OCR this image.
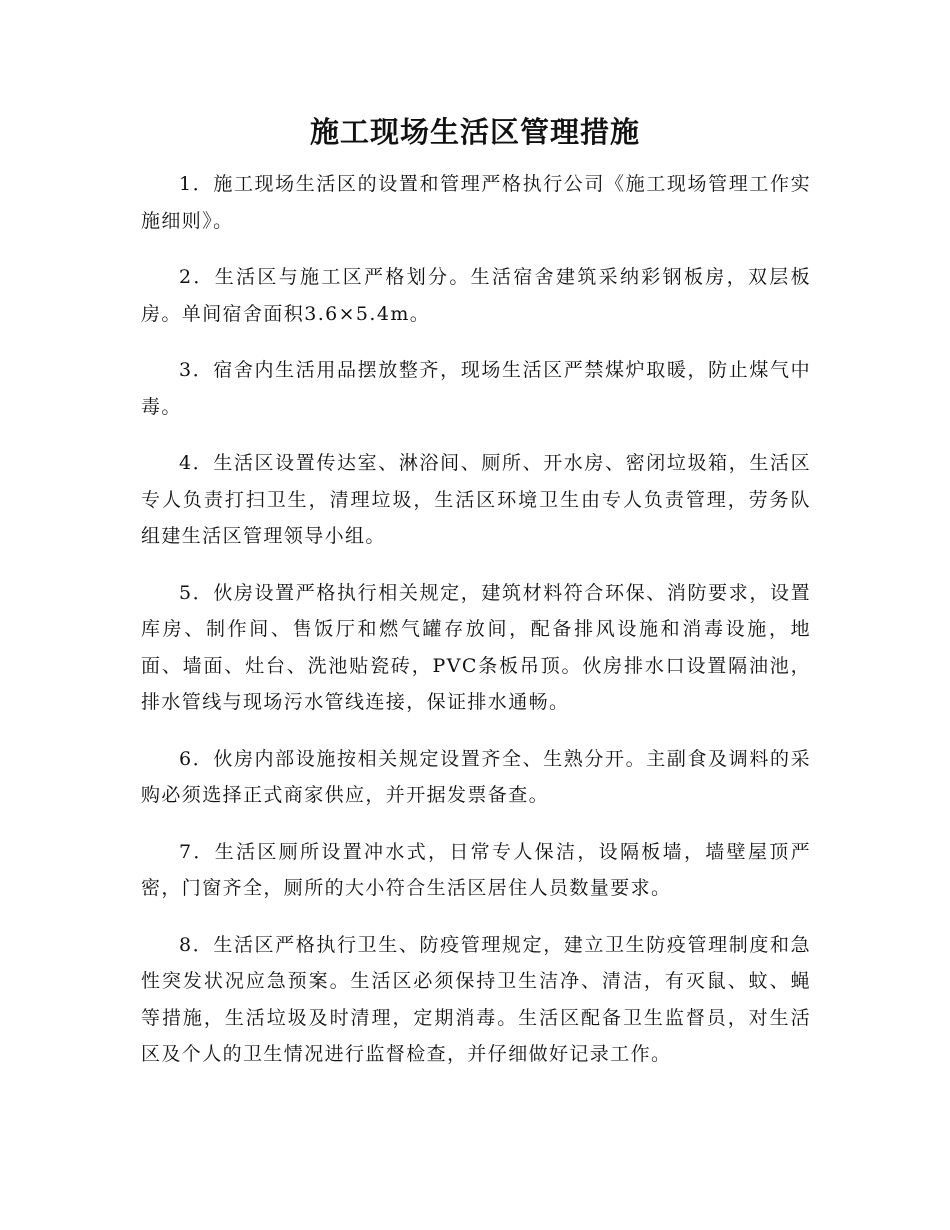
施工现场生活区管理措施

1．施工现场生活区的设置和管理严格执行公司《施工现场管理工作实施细则》。

2．生活区与施工区严格划分。生活宿舍建筑采纳彩钢板房，双层板房。单间宿舍面积3.6×5.4m。

3．宿舍内生活用品摆放整齐，现场生活区严禁煤炉取暖，防止煤气中毒。

4．生活区设置传达室、淋浴间、厕所、开水房、密闭垃圾箱，生活区专人负责打扫卫生，清理垃圾，生活区环境卫生由专人负责管理，劳务队组建生活区管理领导小组。

5．伙房设置严格执行相关规定，建筑材料符合环保、消防要求，设置库房、制作间、售饭厅和燃气罐存放间，配备排风设施和消毒设施，地面、墙面、灶台、洗池贴瓷砖，PVC条板吊顶。伙房排水口设置隔油池，排水管线与现场污水管线连接，保证排水通畅。

6．伙房内部设施按相关规定设置齐全、生熟分开。主副食及调料的采购必须选择正式商家供应，并开据发票备查。

7．生活区厕所设置冲水式，日常专人保洁，设隔板墙，墙壁屋顶严密，门窗齐全，厕所的大小符合生活区居住人员数量要求。

8．生活区严格执行卫生、防疫管理规定，建立卫生防疫管理制度和急性突发状况应急预案。生活区必须保持卫生洁净、清洁，有灭鼠、蚊、蝇等措施，生活垃圾及时清理，定期消毒。生活区配备卫生监督员，对生活区及个人的卫生情况进行监督检查，并仔细做好记录工作。
